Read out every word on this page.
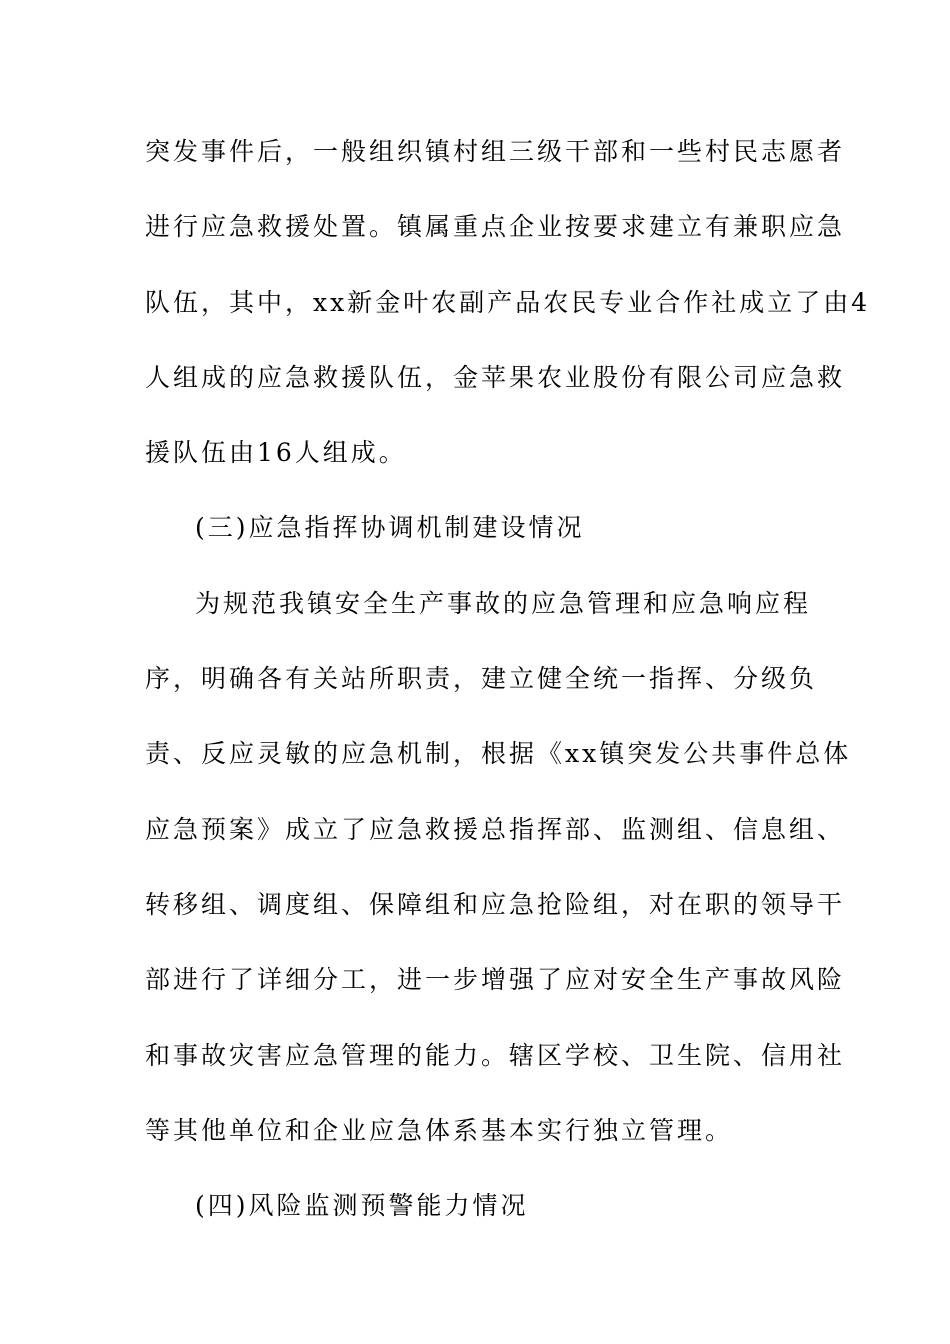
突发事件后，一般组织镇村组三级干部和一些村民志愿者
进行应急救援处置。镇属重点企业按要求建立有兼职应急
队伍，其中，xx新金叶农副产品农民专业合作社成立了由4
人组成的应急救援队伍，金苹果农业股份有限公司应急救
援队伍由16人组成。
(三)应急指挥协调机制建设情况
为规范我镇安全生产事故的应急管理和应急响应程
序，明确各有关站所职责，建立健全统一指挥、分级负
责、反应灵敏的应急机制，根据《xx镇突发公共事件总体
应急预案》成立了应急救援总指挥部、监测组、信息组、
转移组、调度组、保障组和应急抢险组，对在职的领导干
部进行了详细分工，进一步增强了应对安全生产事故风险
和事故灾害应急管理的能力。辖区学校、卫生院、信用社
等其他单位和企业应急体系基本实行独立管理。
(四)风险监测预警能力情况
